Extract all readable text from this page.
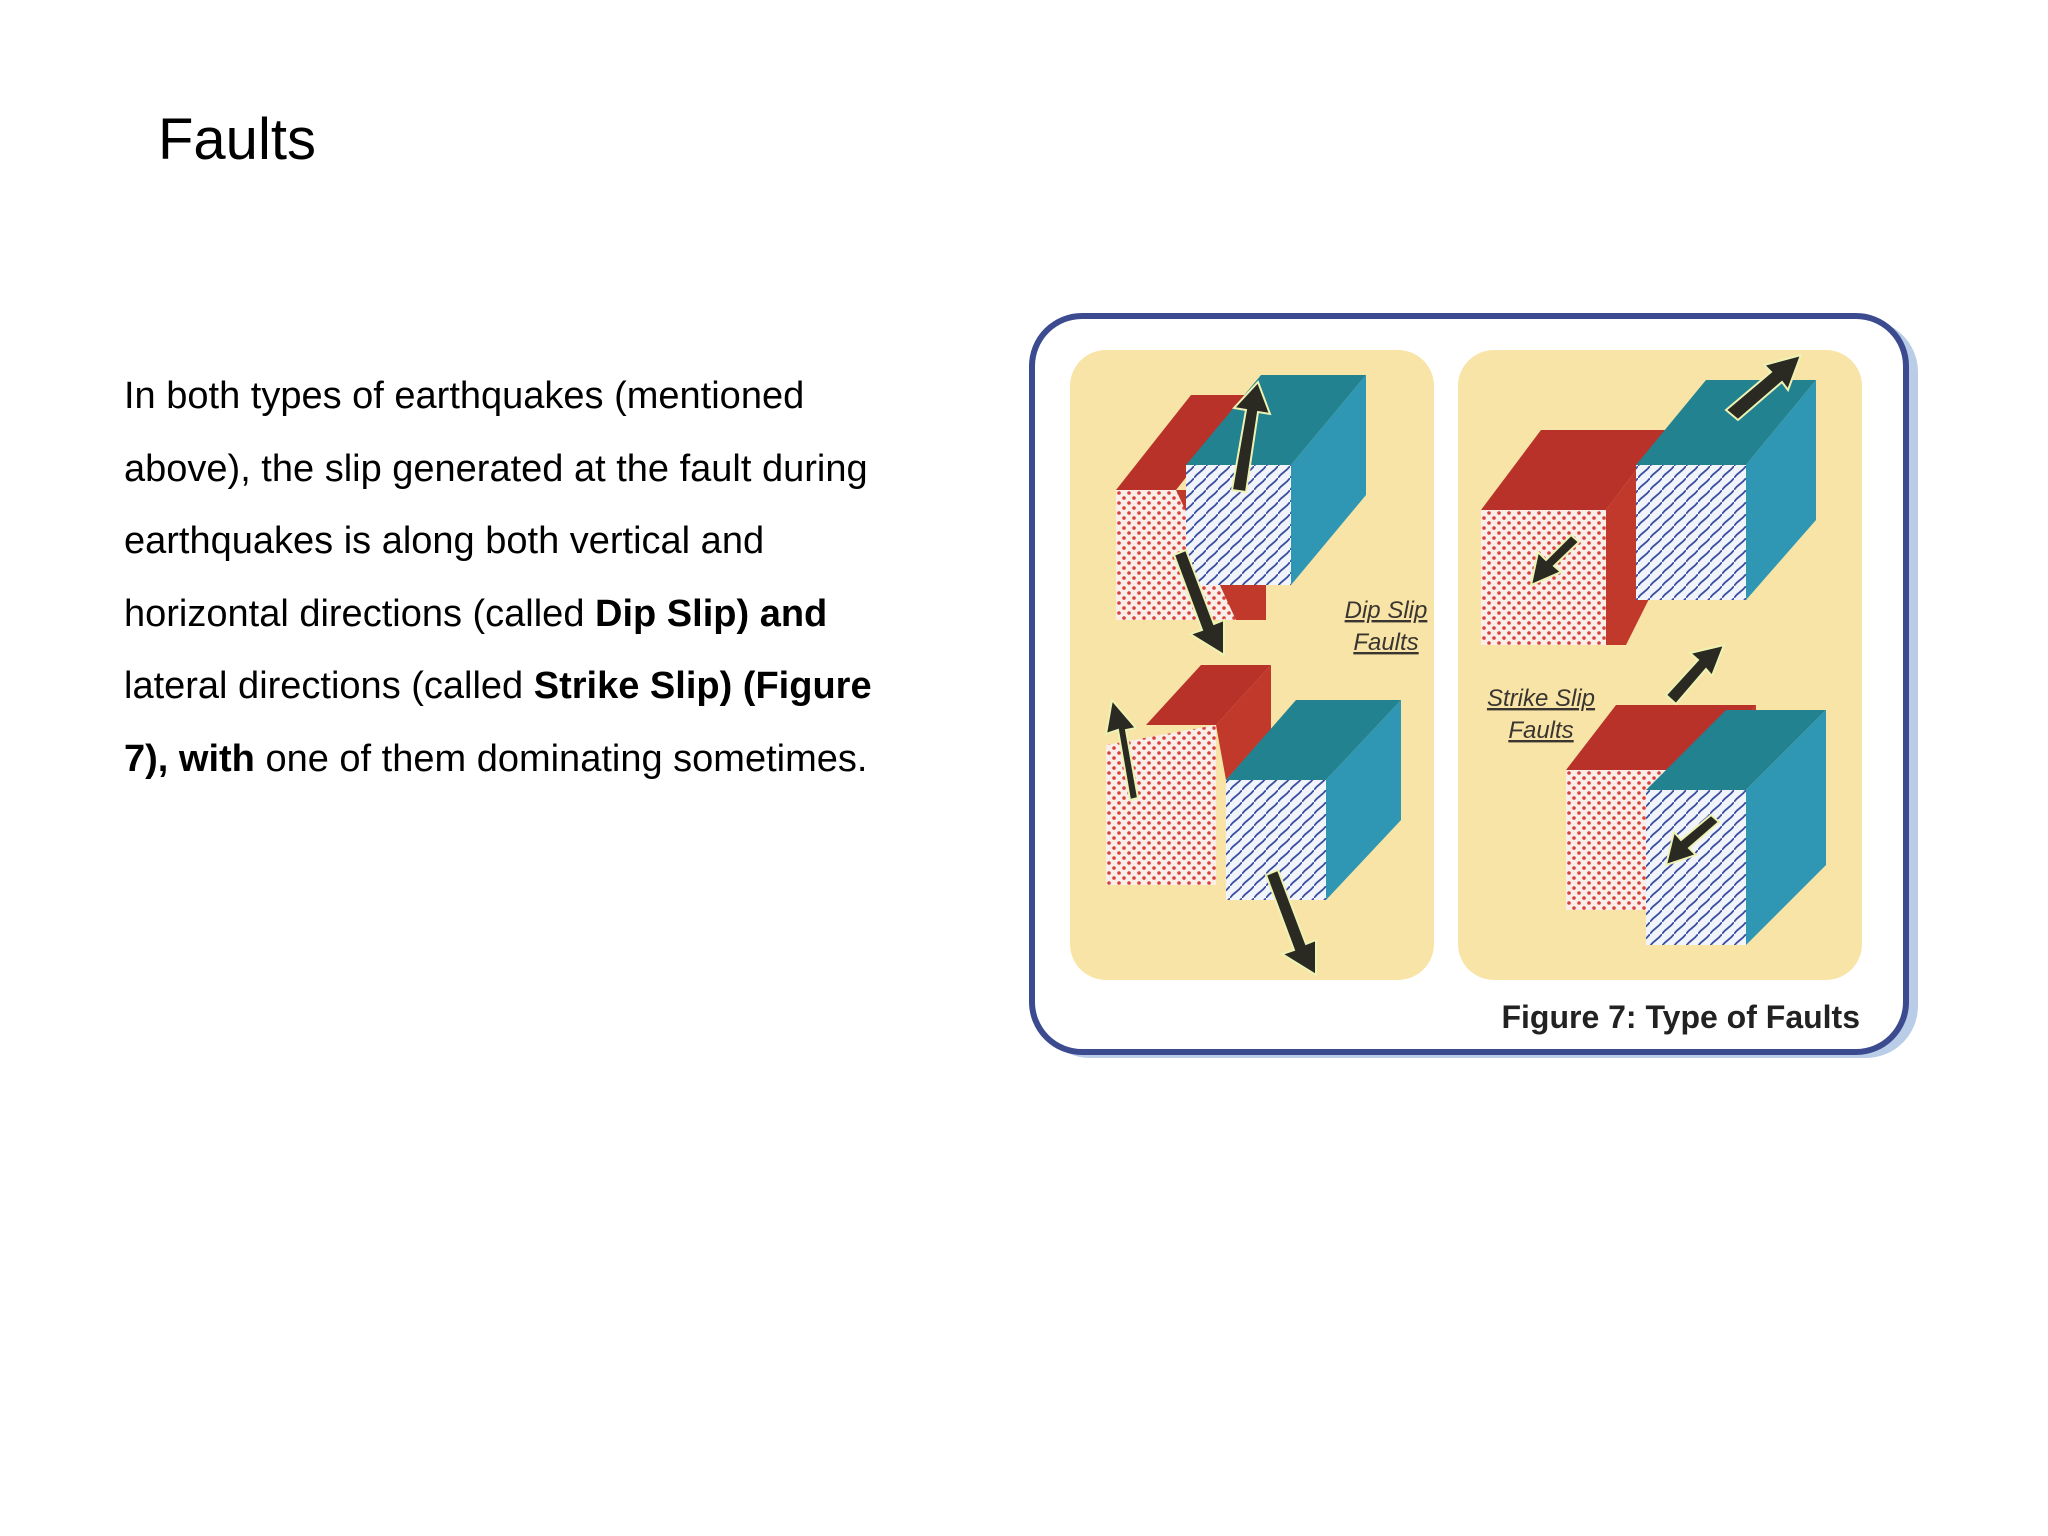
Faults

In both types of earthquakes (mentioned above), the slip generated at the fault during earthquakes is along both vertical and horizontal directions (called Dip Slip) and lateral directions (called Strike Slip) (Figure 7), with one of them dominating sometimes.

Dip Slip
Faults
Strike Slip
Faults
Figure 7: Type of Faults
